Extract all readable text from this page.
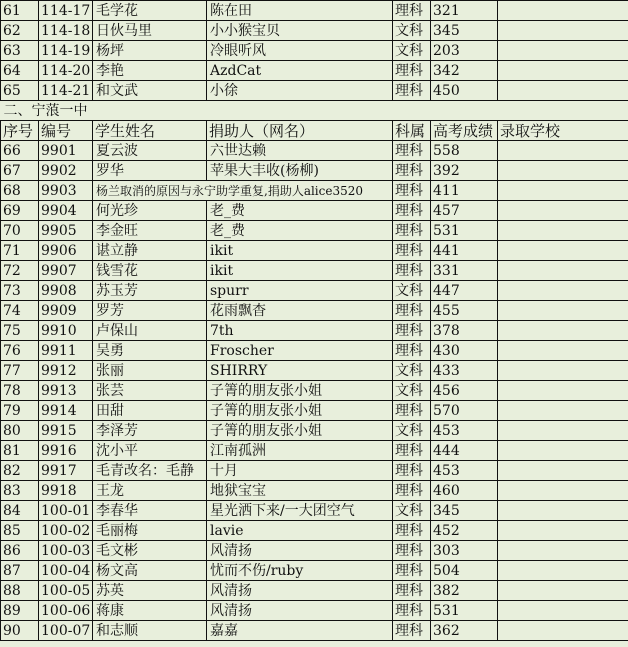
61	114-17	毛学花	陈在田	理科	321	
62	114-18	日伙马里	小小猴宝贝	文科	345	
63	114-19	杨坪	冷眼听风	文科	203	
64	114-20	李艳	AzdCat	理科	342	
65	114-21	和文武	小徐	理科	450	
二、宁蒗一中						
序号	编号	学生姓名	捐助人（网名）	科属	高考成绩	录取学校
66	9901	夏云波	六世达赖	理科	558	
67	9902	罗华	苹果大丰收(杨柳)	理科	392	
68	9903	杨兰取消的原因与永宁助学重复,捐助人alice3520		理科	411	
69	9904	何光珍	老_费	理科	457	
70	9905	李金旺	老_费	理科	531	
71	9906	谌立静	ikit	理科	441	
72	9907	钱雪花	ikit	理科	331	
73	9908	苏玉芳	spurr	文科	447	
74	9909	罗芳	花雨飘杳	理科	455	
75	9910	卢保山	7th	理科	378	
76	9911	吴勇	Froscher	理科	430	
77	9912	张丽	SHIRRY	文科	433	
78	9913	张芸	子箐的朋友张小姐	文科	456	
79	9914	田甜	子箐的朋友张小姐	理科	570	
80	9915	李泽芳	子箐的朋友张小姐	文科	453	
81	9916	沈小平	江南孤洲	理科	444	
82	9917	毛青改名：毛静	十月	理科	453	
83	9918	王龙	地狱宝宝	理科	460	
84	100-01	李春华	星光洒下来/一大团空气	文科	345	
85	100-02	毛丽梅	lavie	理科	452	
86	100-03	毛文彬	风清扬	理科	303	
87	100-04	杨文高	忧而不伤/ruby	理科	504	
88	100-05	苏英	风清扬	理科	382	
89	100-06	蒋康	风清扬	理科	531	
90	100-07	和志顺	嘉嘉	理科	362	
